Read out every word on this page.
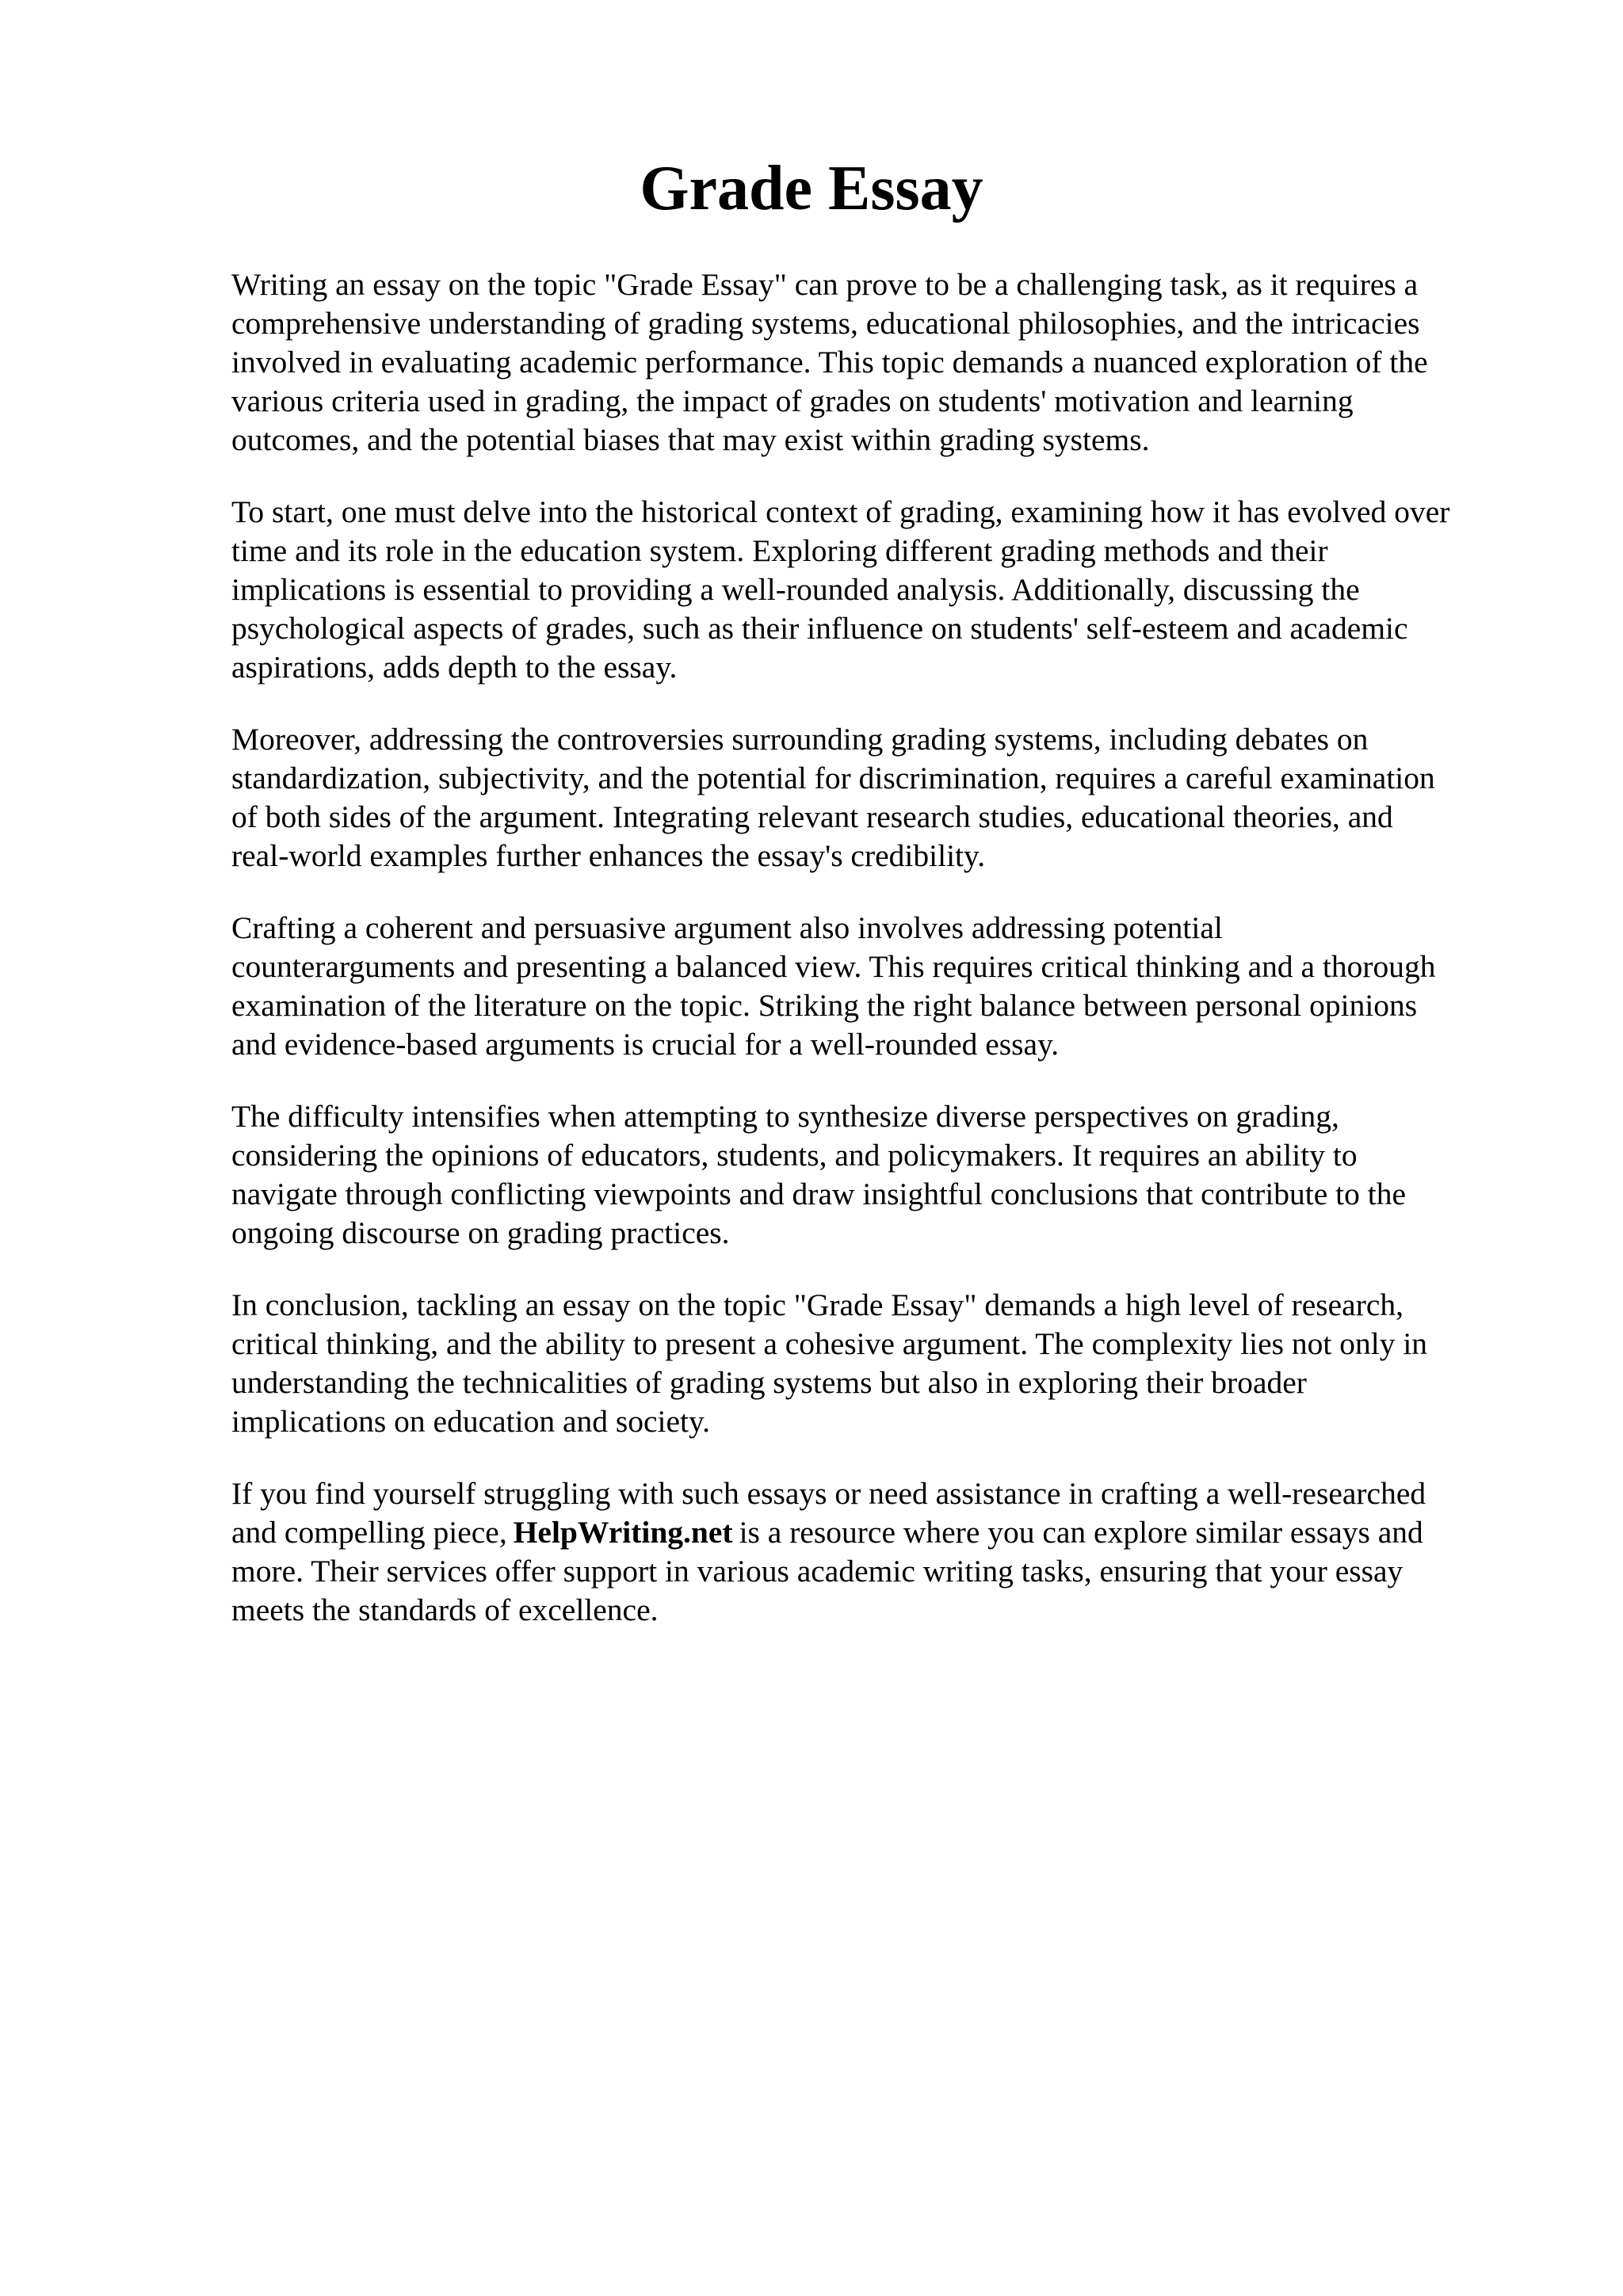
Grade Essay

Writing an essay on the topic "Grade Essay" can prove to be a challenging task, as it requires a
comprehensive understanding of grading systems, educational philosophies, and the intricacies
involved in evaluating academic performance. This topic demands a nuanced exploration of the
various criteria used in grading, the impact of grades on students' motivation and learning
outcomes, and the potential biases that may exist within grading systems.

To start, one must delve into the historical context of grading, examining how it has evolved over
time and its role in the education system. Exploring different grading methods and their
implications is essential to providing a well-rounded analysis. Additionally, discussing the
psychological aspects of grades, such as their influence on students' self-esteem and academic
aspirations, adds depth to the essay.

Moreover, addressing the controversies surrounding grading systems, including debates on
standardization, subjectivity, and the potential for discrimination, requires a careful examination
of both sides of the argument. Integrating relevant research studies, educational theories, and
real-world examples further enhances the essay's credibility.

Crafting a coherent and persuasive argument also involves addressing potential
counterarguments and presenting a balanced view. This requires critical thinking and a thorough
examination of the literature on the topic. Striking the right balance between personal opinions
and evidence-based arguments is crucial for a well-rounded essay.

The difficulty intensifies when attempting to synthesize diverse perspectives on grading,
considering the opinions of educators, students, and policymakers. It requires an ability to
navigate through conflicting viewpoints and draw insightful conclusions that contribute to the
ongoing discourse on grading practices.

In conclusion, tackling an essay on the topic "Grade Essay" demands a high level of research,
critical thinking, and the ability to present a cohesive argument. The complexity lies not only in
understanding the technicalities of grading systems but also in exploring their broader
implications on education and society.

If you find yourself struggling with such essays or need assistance in crafting a well-researched
and compelling piece, HelpWriting.net is a resource where you can explore similar essays and
more. Their services offer support in various academic writing tasks, ensuring that your essay
meets the standards of excellence.
